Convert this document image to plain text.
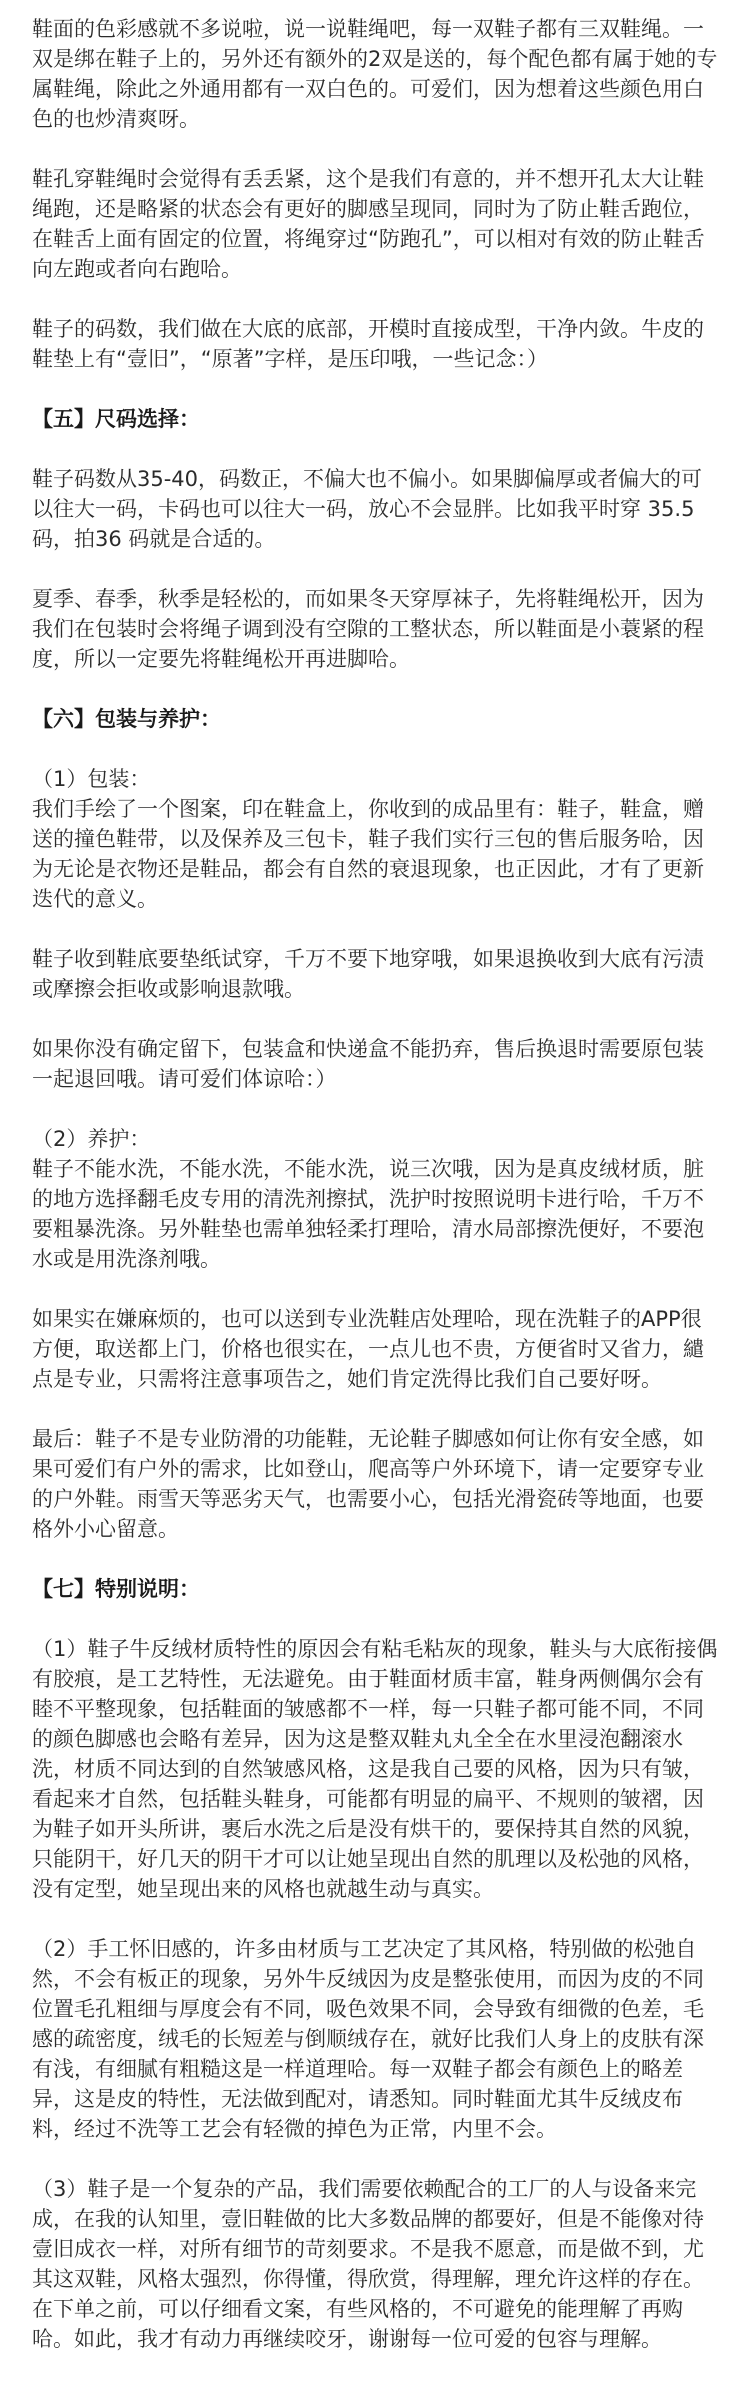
鞋面的色彩感就不多说啦，说一说鞋绳吧，每一双鞋子都有三双鞋绳。一双是绑在鞋子上的，另外还有额外的2双是送的，每个配色都有属于她的专属鞋绳，除此之外通用都有一双白色的。可爱们，因为想着这些颜色用白色的也炒清爽呀。

鞋孔穿鞋绳时会觉得有丢丢紧，这个是我们有意的，并不想开孔太大让鞋绳跑，还是略紧的状态会有更好的脚感呈现同，同时为了防止鞋舌跑位，在鞋舌上面有固定的位置，将绳穿过“防跑孔”，可以相对有效的防止鞋舌向左跑或者向右跑哈。

鞋子的码数，我们做在大底的底部，开模时直接成型，干净内敛。牛皮的鞋垫上有“壹旧”，“原著”字样，是压印哦，一些记念：）

【五】尺码选择：

鞋子码数从35-40，码数正，不偏大也不偏小。如果脚偏厚或者偏大的可以往大一码，卡码也可以往大一码，放心不会显胖。比如我平时穿 35.5码，拍36 码就是合适的。

夏季、春季，秋季是轻松的，而如果冬天穿厚袜子，先将鞋绳松开，因为我们在包装时会将绳子调到没有空隙的工整状态，所以鞋面是小蓑紧的程度，所以一定要先将鞋绳松开再进脚哈。

【六】包装与养护：

（1）包装：
我们手绘了一个图案，印在鞋盒上，你收到的成品里有：鞋子，鞋盒，赠送的撞色鞋带，以及保养及三包卡，鞋子我们实行三包的售后服务哈，因为无论是衣物还是鞋品，都会有自然的衰退现象，也正因此，才有了更新迭代的意义。

鞋子收到鞋底要垫纸试穿，千万不要下地穿哦，如果退换收到大底有污渍或摩擦会拒收或影响退款哦。

如果你没有确定留下，包装盒和快递盒不能扔弃，售后换退时需要原包装一起退回哦。请可爱们体谅哈：）

（2）养护：
鞋子不能水洗，不能水洗，不能水洗，说三次哦，因为是真皮绒材质，脏的地方选择翻毛皮专用的清洗剂擦拭，洗护时按照说明卡进行哈，千万不要粗暴洗涤。另外鞋垫也需单独轻柔打理哈，清水局部擦洗便好，不要泡水或是用洗涤剂哦。

如果实在嫌麻烦的，也可以送到专业洗鞋店处理哈，现在洗鞋子的APP很方便，取送都上门，价格也很实在，一点儿也不贵，方便省时又省力，繾点是专业，只需将注意事项告之，她们肯定洗得比我们自己要好呀。

最后：鞋子不是专业防滑的功能鞋，无论鞋子脚感如何让你有安全感，如果可爱们有户外的需求，比如登山，爬高等户外环境下，请一定要穿专业的户外鞋。雨雪天等恶劣天气，也需要小心，包括光滑瓷砖等地面，也要格外小心留意。

【七】特别说明：

（1）鞋子牛反绒材质特性的原因会有粘毛粘灰的现象，鞋头与大底衔接偶有胶痕，是工艺特性，无法避免。由于鞋面材质丰富，鞋身两侧偶尔会有睦不平整现象，包括鞋面的皱感都不一样，每一只鞋子都可能不同，不同的颜色脚感也会略有差异，因为这是整双鞋丸丸全全在水里浸泡翻滚水洗，材质不同达到的自然皱感风格，这是我自己要的风格，因为只有皱，看起来才自然，包括鞋头鞋身，可能都有明显的扁平、不规则的皱褶，因为鞋子如开头所讲，裹后水洗之后是没有烘干的，要保持其自然的风貌，只能阴干，好几天的阴干才可以让她呈现出自然的肌理以及松弛的风格，没有定型，她呈现出来的风格也就越生动与真实。

（2）手工怀旧感的，许多由材质与工艺决定了其风格，特别做的松弛自然，不会有板正的现象，另外牛反绒因为皮是整张使用，而因为皮的不同位置毛孔粗细与厚度会有不同，吸色效果不同，会导致有细微的色差，毛感的疏密度，绒毛的长短差与倒顺绒存在，就好比我们人身上的皮肤有深有浅，有细腻有粗糙这是一样道理哈。每一双鞋子都会有颜色上的略差异，这是皮的特性，无法做到配对，请悉知。同时鞋面尤其牛反绒皮布料，经过不洗等工艺会有轻微的掉色为正常，内里不会。

（3）鞋子是一个复杂的产品，我们需要依赖配合的工厂的人与设备来完成，在我的认知里，壹旧鞋做的比大多数品牌的都要好，但是不能像对待壹旧成衣一样，对所有细节的苛刻要求。不是我不愿意，而是做不到，尤其这双鞋，风格太强烈，你得懂，得欣赏，得理解，理允许这样的存在。在下单之前，可以仔细看文案，有些风格的，不可避免的能理解了再购哈。如此，我才有动力再继续咬牙，谢谢每一位可爱的包容与理解。
